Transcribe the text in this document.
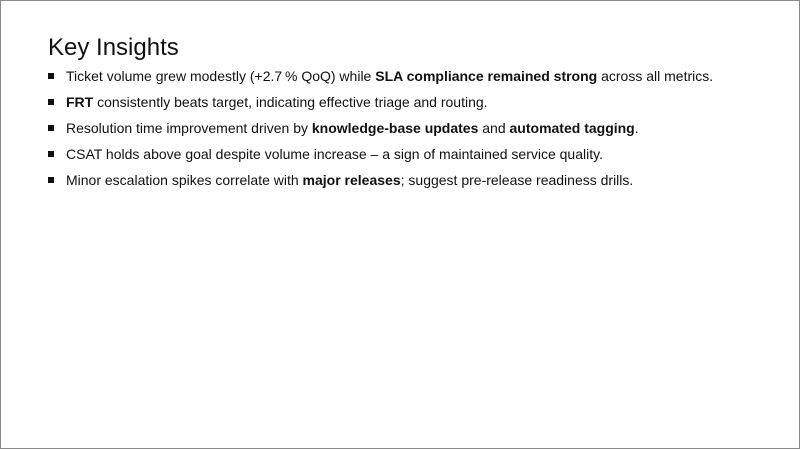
Key Insights
Ticket volume grew modestly (+2.7 % QoQ) while SLA compliance remained strong across all metrics.
FRT consistently beats target, indicating effective triage and routing.
Resolution time improvement driven by knowledge-base updates and automated tagging.
CSAT holds above goal despite volume increase – a sign of maintained service quality.
Minor escalation spikes correlate with major releases; suggest pre-release readiness drills.
